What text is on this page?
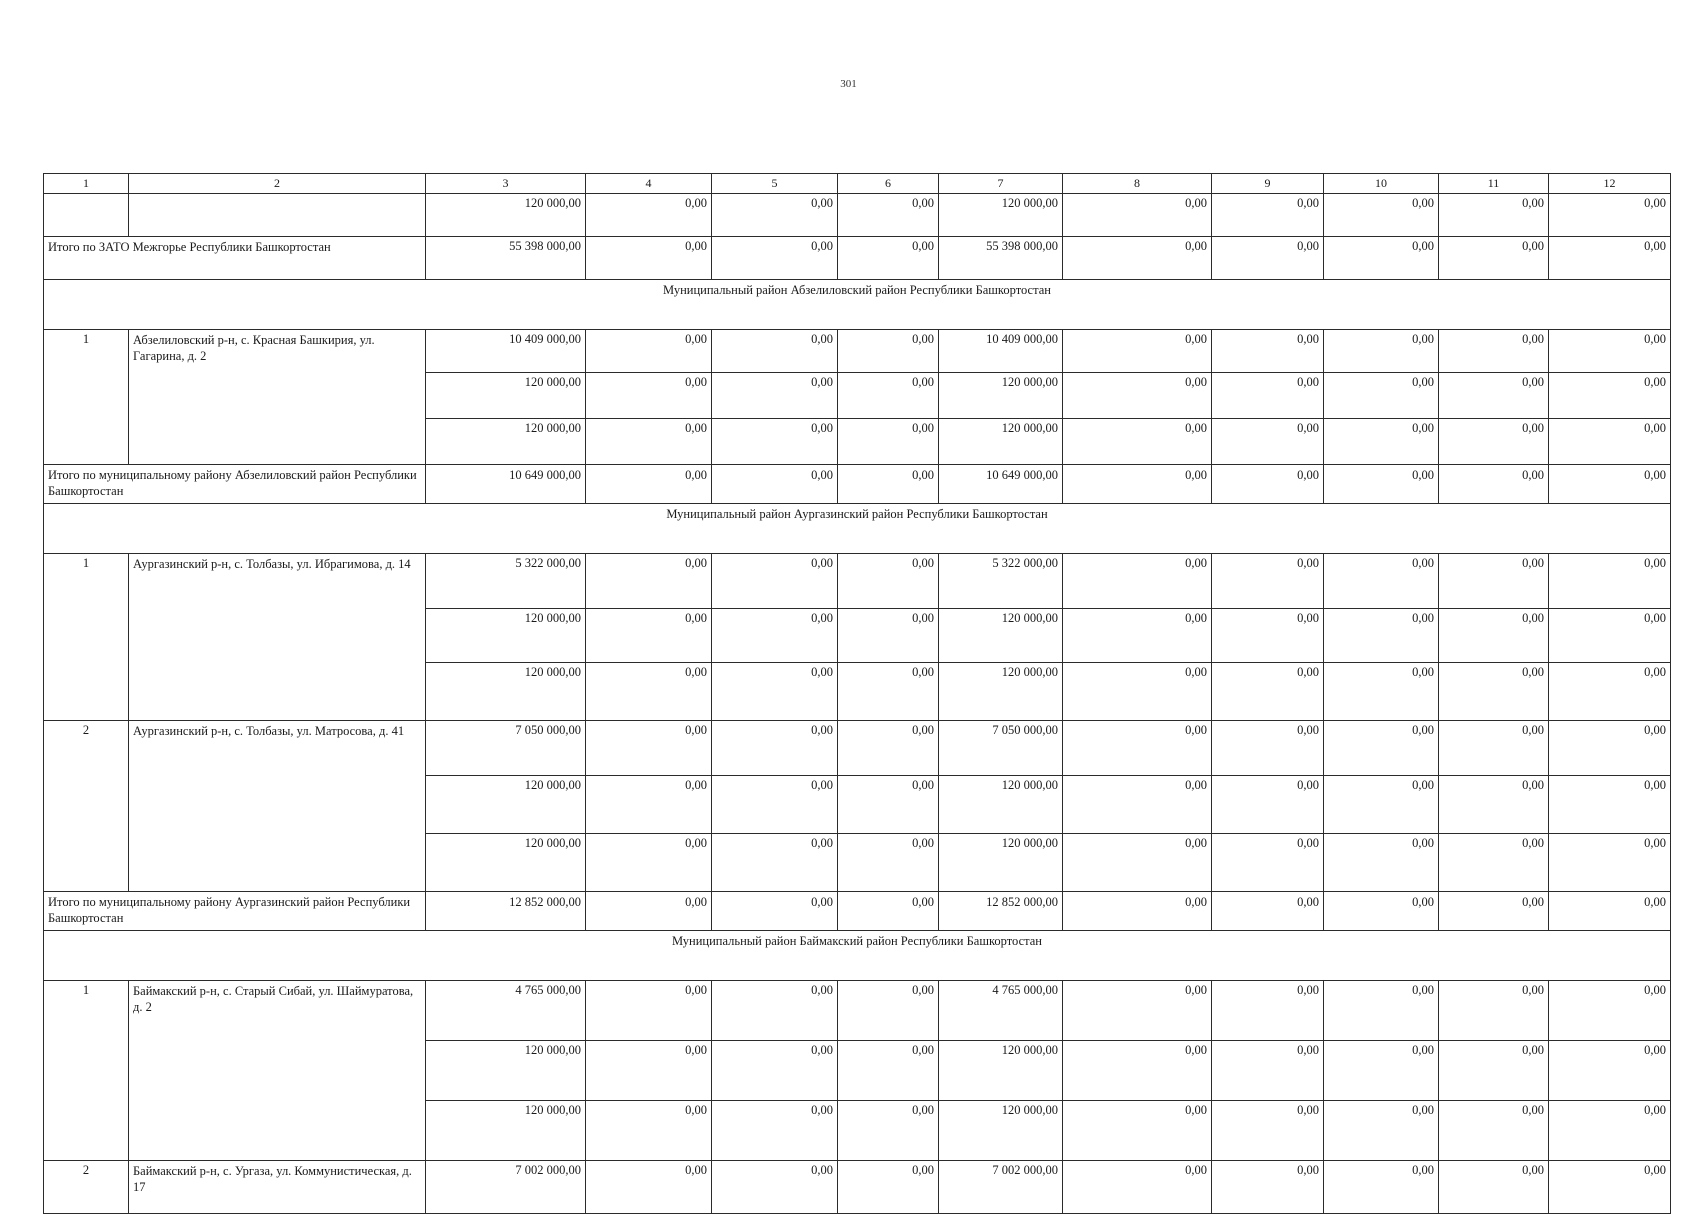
301
1	2	3	4	5	6	7	8	9	10	11	12
		120 000,00	0,00	0,00	0,00	120 000,00	0,00	0,00	0,00	0,00	0,00
Итого по ЗАТО Межгорье Республики Башкортостан		55 398 000,00	0,00	0,00	0,00	55 398 000,00	0,00	0,00	0,00	0,00	0,00
Муниципальный район Абзелиловский район Республики Башкортостан											
1	Абзелиловский р-н, с. Красная Башкирия, ул. Гагарина, д. 2	10 409 000,00	0,00	0,00	0,00	10 409 000,00	0,00	0,00	0,00	0,00	0,00
		120 000,00	0,00	0,00	0,00	120 000,00	0,00	0,00	0,00	0,00	0,00
		120 000,00	0,00	0,00	0,00	120 000,00	0,00	0,00	0,00	0,00	0,00
Итого по муниципальному району Абзелиловский район Республики Башкортостан		10 649 000,00	0,00	0,00	0,00	10 649 000,00	0,00	0,00	0,00	0,00	0,00
Муниципальный район Аургазинский район Республики Башкортостан											
1	Аургазинский р-н, с. Толбазы, ул. Ибрагимова, д. 14	5 322 000,00	0,00	0,00	0,00	5 322 000,00	0,00	0,00	0,00	0,00	0,00
		120 000,00	0,00	0,00	0,00	120 000,00	0,00	0,00	0,00	0,00	0,00
		120 000,00	0,00	0,00	0,00	120 000,00	0,00	0,00	0,00	0,00	0,00
2	Аургазинский р-н, с. Толбазы, ул. Матросова, д. 41	7 050 000,00	0,00	0,00	0,00	7 050 000,00	0,00	0,00	0,00	0,00	0,00
		120 000,00	0,00	0,00	0,00	120 000,00	0,00	0,00	0,00	0,00	0,00
		120 000,00	0,00	0,00	0,00	120 000,00	0,00	0,00	0,00	0,00	0,00
Итого по муниципальному району Аургазинский район Республики Башкортостан		12 852 000,00	0,00	0,00	0,00	12 852 000,00	0,00	0,00	0,00	0,00	0,00
Муниципальный район Баймакский район Республики Башкортостан											
1	Баймакский р-н, с. Старый Сибай, ул. Шаймуратова, д. 2	4 765 000,00	0,00	0,00	0,00	4 765 000,00	0,00	0,00	0,00	0,00	0,00
		120 000,00	0,00	0,00	0,00	120 000,00	0,00	0,00	0,00	0,00	0,00
		120 000,00	0,00	0,00	0,00	120 000,00	0,00	0,00	0,00	0,00	0,00
2	Баймакский р-н, с. Ургаза, ул. Коммунистическая, д. 17	7 002 000,00	0,00	0,00	0,00	7 002 000,00	0,00	0,00	0,00	0,00	0,00
